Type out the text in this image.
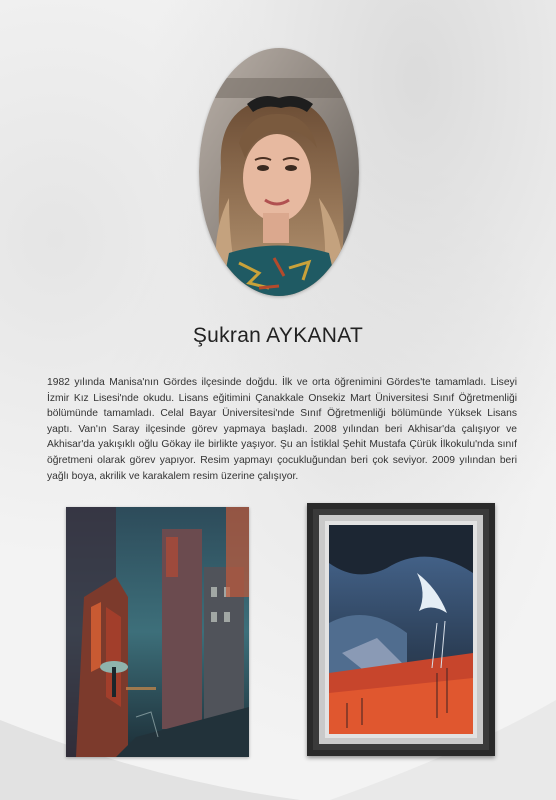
Şukran AYKANAT
1982 yılında Manisa'nın Gördes ilçesinde doğdu. İlk ve orta öğrenimini Gördes'te tamamladı. Liseyi İzmir Kız Lisesi'nde okudu. Lisans eğitimini Çanakkale Onsekiz Mart Üniversitesi Sınıf Öğretmenliği bölümünde tamamladı. Celal Bayar Üniversitesi'nde Sınıf Öğretmenliği bölümünde Yüksek Lisans yaptı. Van'ın Saray ilçesinde görev yapmaya başladı. 2008 yılından beri Akhisar'da çalışıyor ve Akhisar'da yakışıklı oğlu Gökay ile birlikte yaşıyor. Şu an İstiklal Şehit Mustafa Çürük İlkokulu'nda sınıf öğretmeni olarak görev yapıyor. Resim yapmayı çocukluğundan beri çok seviyor. 2009 yılından beri yağlı boya, akrilik ve karakalem resim üzerine çalışıyor.
